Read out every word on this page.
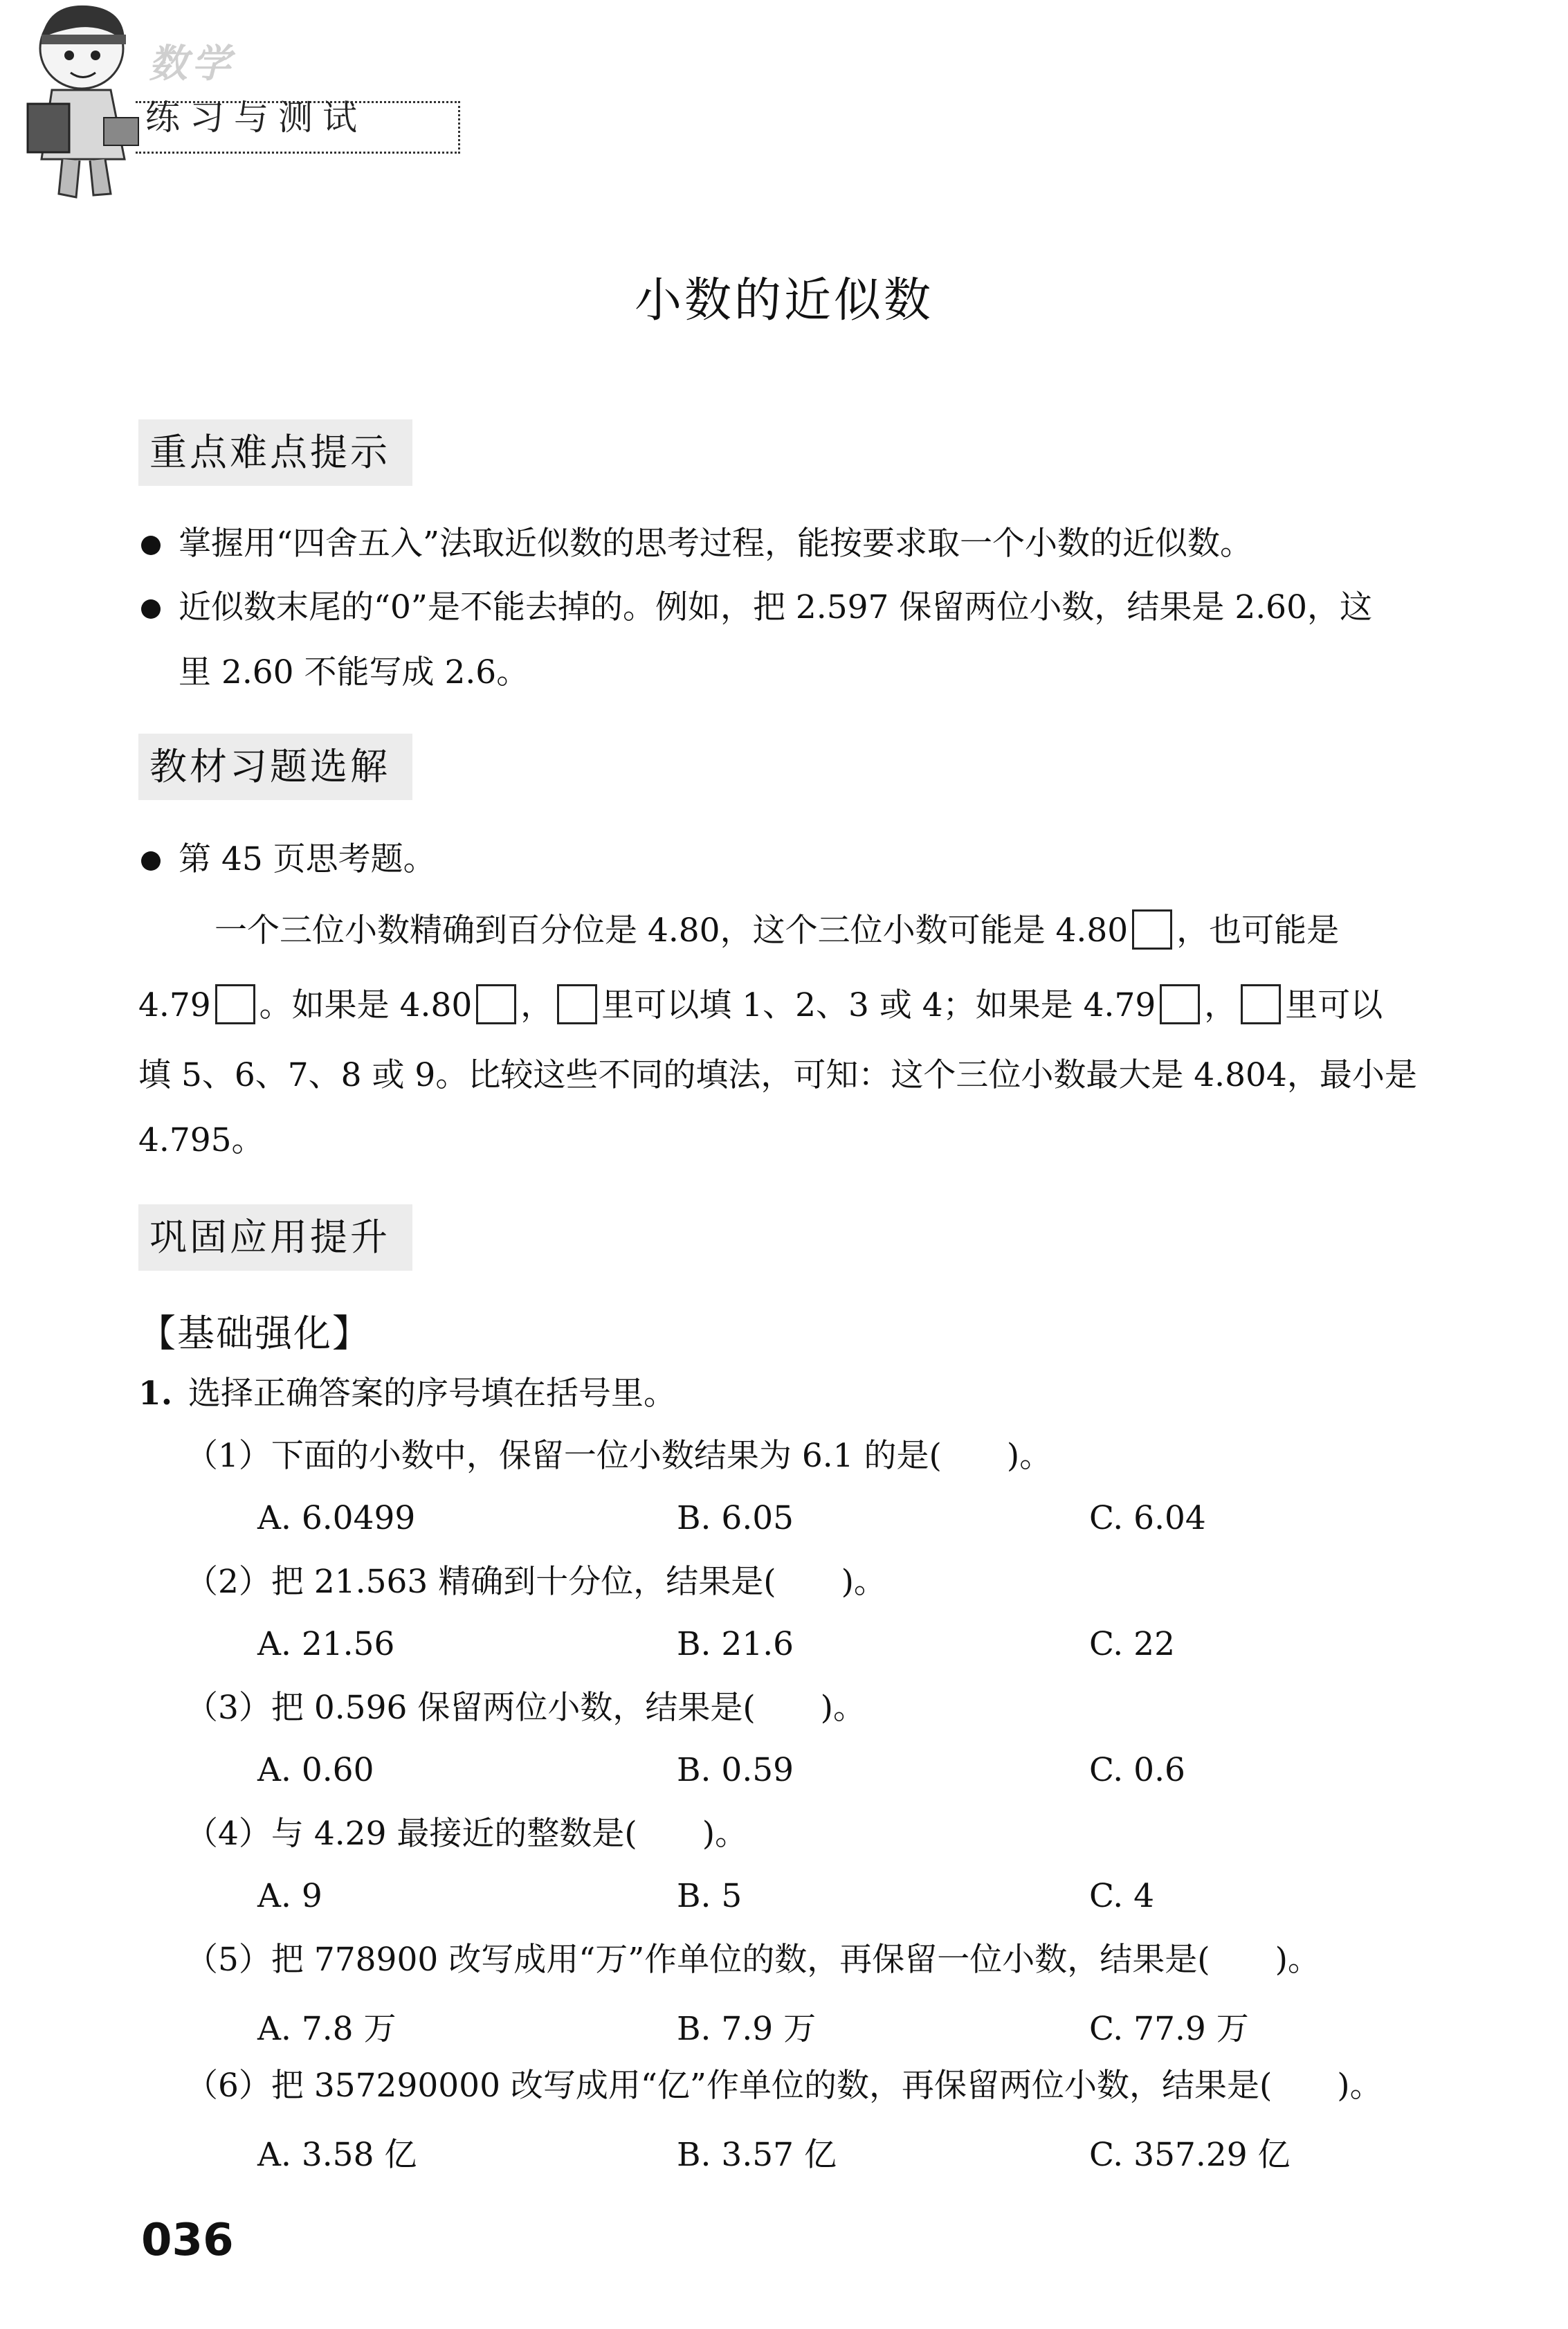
数学
练习与测试
小数的近似数
重点难点提示
掌握用“四舍五入”法取近似数的思考过程，能按要求取一个小数的近似数。
近似数末尾的“0”是不能去掉的。例如，把 2.597 保留两位小数，结果是 2.60，这
里 2.60 不能写成 2.6。
教材习题选解
第 45 页思考题。
一个三位小数精确到百分位是 4.80，这个三位小数可能是 4.80 ，也可能是
4.79 。如果是 4.80 ， 里可以填 1、2、3 或 4；如果是 4.79 ， 里可以
填 5、6、7、8 或 9。比较这些不同的填法，可知：这个三位小数最大是 4.804，最小是
4.795。
巩固应用提升
【基础强化】
1. 选择正确答案的序号填在括号里。
（1）下面的小数中，保留一位小数结果为 6.1 的是(　　)。
A. 6.0499	B. 6.05	C. 6.04
（2）把 21.563 精确到十分位，结果是(　　)。
A. 21.56	B. 21.6	C. 22
（3）把 0.596 保留两位小数，结果是(　　)。
A. 0.60	B. 0.59	C. 0.6
（4）与 4.29 最接近的整数是(　　)。
A. 9	B. 5	C. 4
（5）把 778900 改写成用“万”作单位的数，再保留一位小数，结果是(　　)。
A. 7.8 万	B. 7.9 万	C. 77.9 万
（6）把 357290000 改写成用“亿”作单位的数，再保留两位小数，结果是(　　)。
A. 3.58 亿	B. 3.57 亿	C. 357.29 亿
036
